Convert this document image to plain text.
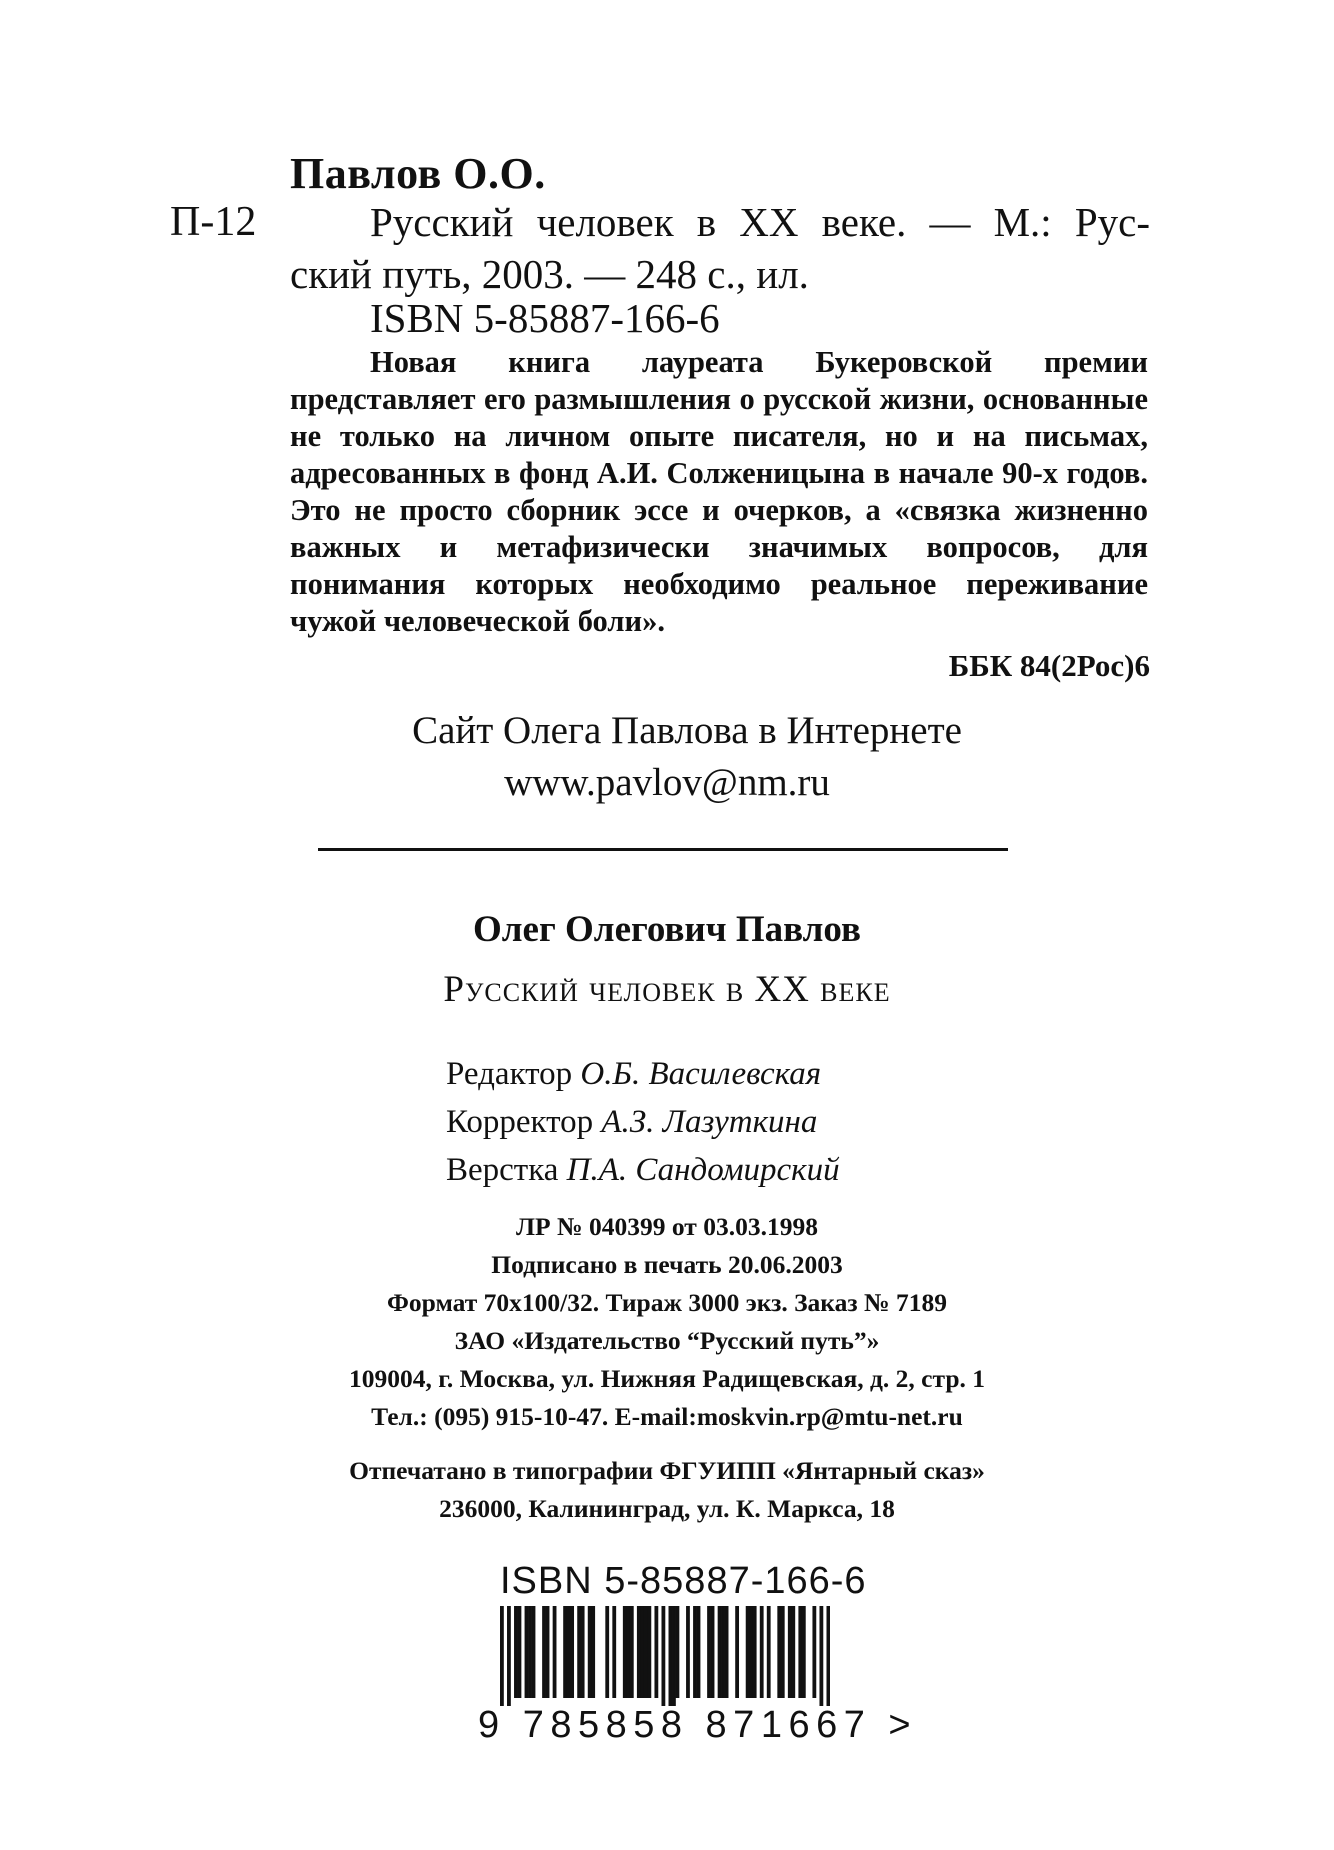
Павлов О.О.
П-12	Русский человек в XX веке. — М.: Рус-
ский путь, 2003. — 248 с., ил.
ISBN 5-85887-166-6
Новая книга лауреата Букеровской премии представляет его размышления о русской жизни, основанные не только на личном опыте писателя, но и на письмах, адресованных в фонд А.И. Солженицына в начале 90-х годов. Это не просто сборник эссе и очерков, а «связка жизненно важных и метафизически значимых вопросов, для понимания которых необходимо реальное переживание чужой человеческой боли».
ББК 84(2Рос)6
Сайт Олега Павлова в Интернете
www.pavlov@nm.ru
Олег Олегович Павлов
Русский человек в XX веке
Редактор О.Б. Василевская
Корректор А.З. Лазуткина
Верстка П.А. Сандомирский
ЛР № 040399 от 03.03.1998
Подписано в печать 20.06.2003
Формат 70x100/32. Тираж 3000 экз. Заказ № 7189
ЗАО «Издательство “Русский путь”»
109004, г. Москва, ул. Нижняя Радищевская, д. 2, стр. 1
Тел.: (095) 915-10-47. E-mail:moskvin.rp@mtu-net.ru
Отпечатано в типографии ФГУИПП «Янтарный сказ»
236000, Калининград, ул. К. Маркса, 18
ISBN 5-85887-166-6
9 785858 871667 >
